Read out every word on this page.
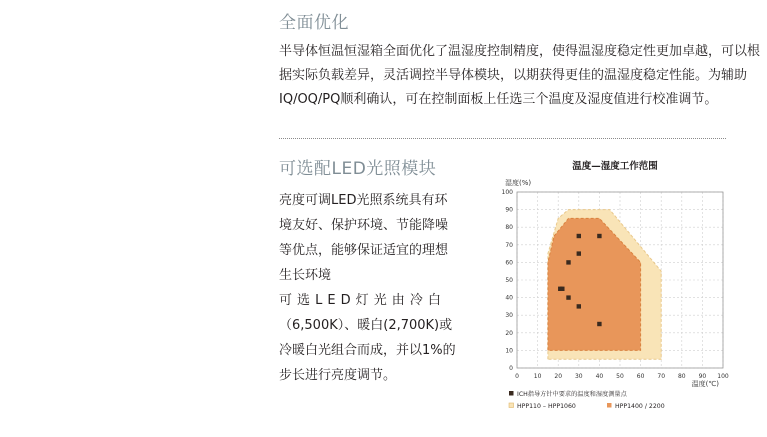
全面优化
半导体恒温恒湿箱全面优化了温湿度控制精度，使得温湿度稳定性更加卓越，可以根
据实际负载差异，灵活调控半导体模块，以期获得更佳的温湿度稳定性能。为辅助
IQ/OQ/PQ顺利确认，可在控制面板上任选三个温度及湿度值进行校准调节。
可选配LED光照模块
亮度可调LED光照系统具有环
境友好、保护环境、节能降噪
等优点，能够保证适宜的理想
生长环境
可 选 L E D 灯 光 由 冷 白
（6,500K）、暖白(2,700K)或
冷暖白光组合而成，并以1%的
步长进行亮度调节。
温度—湿度工作范围
湿度(%)
温度(℃)
0 10 20 30 40 50 60 70 80 90 100
0
10
20
30
40
50
60
70
80
90
100
ICH指导方针中要求的温度和湿度测量点
HPP110 – HPP1060	HPP1400 / 2200
